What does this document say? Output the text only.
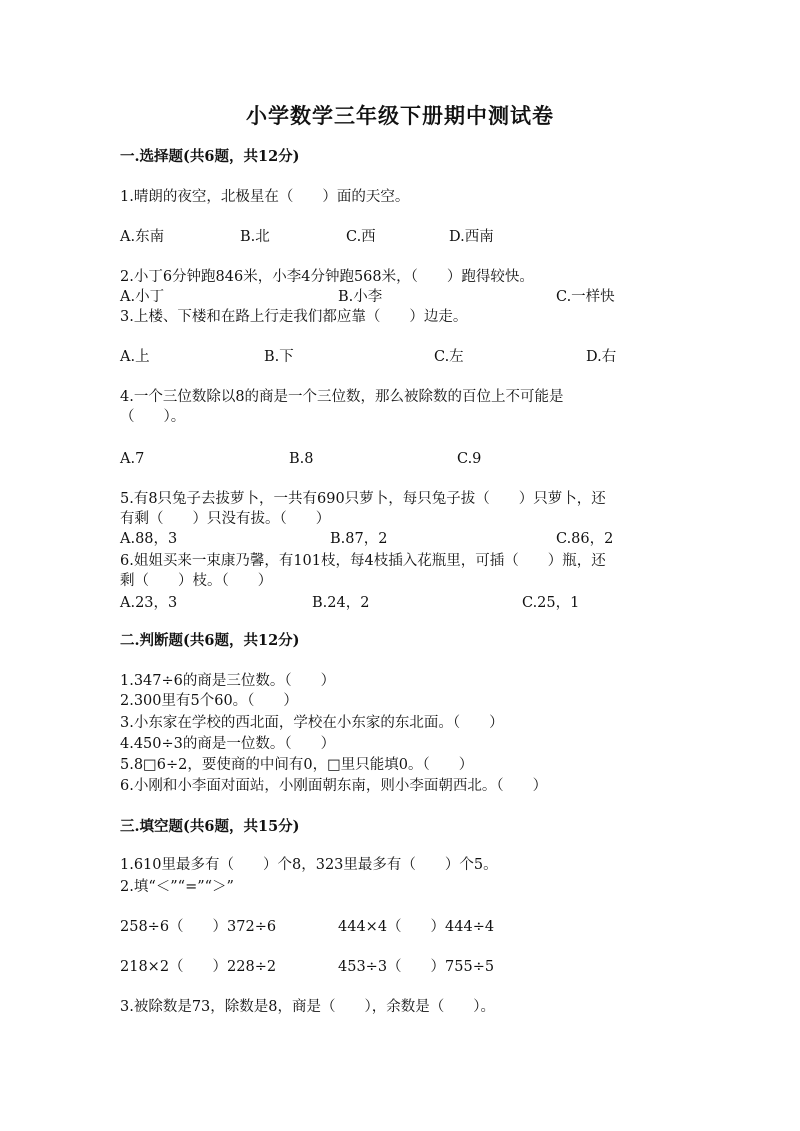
小学数学三年级下册期中测试卷
一.选择题(共6题，共12分)
1.晴朗的夜空，北极星在（　　）面的天空。
A.东南	B.北	C.西	D.西南
2.小丁6分钟跑846米，小李4分钟跑568米，（　　）跑得较快。
A.小丁	B.小李	C.一样快
3.上楼、下楼和在路上行走我们都应靠（　　）边走。
A.上	B.下	C.左	D.右
4.一个三位数除以8的商是一个三位数，那么被除数的百位上不可能是
（　　）。
A.7	B.8	C.9
5.有8只兔子去拔萝卜，一共有690只萝卜，每只兔子拔（　　）只萝卜，还
有剩（　　）只没有拔。（　　）
A.88，3	B.87，2	C.86，2
6.姐姐买来一束康乃馨，有101枝，每4枝插入花瓶里，可插（　　）瓶，还
剩（　　）枝。（　　）
A.23，3	B.24，2	C.25，1
二.判断题(共6题，共12分)
1.347÷6的商是三位数。（　　）
2.300里有5个60。（　　）
3.小东家在学校的西北面，学校在小东家的东北面。（　　）
4.450÷3的商是一位数。（　　）
5.8□6÷2，要使商的中间有0，□里只能填0。（　　）
6.小刚和小李面对面站，小刚面朝东南，则小李面朝西北。（　　）
三.填空题(共6题，共15分)
1.610里最多有（　　）个8，323里最多有（　　）个5。
2.填“＜”“=”“＞”
258÷6（　　）372÷6	444×4（　　）444÷4
218×2（　　）228÷2	453÷3（　　）755÷5
3.被除数是73，除数是8，商是（　　），余数是（　　）。
